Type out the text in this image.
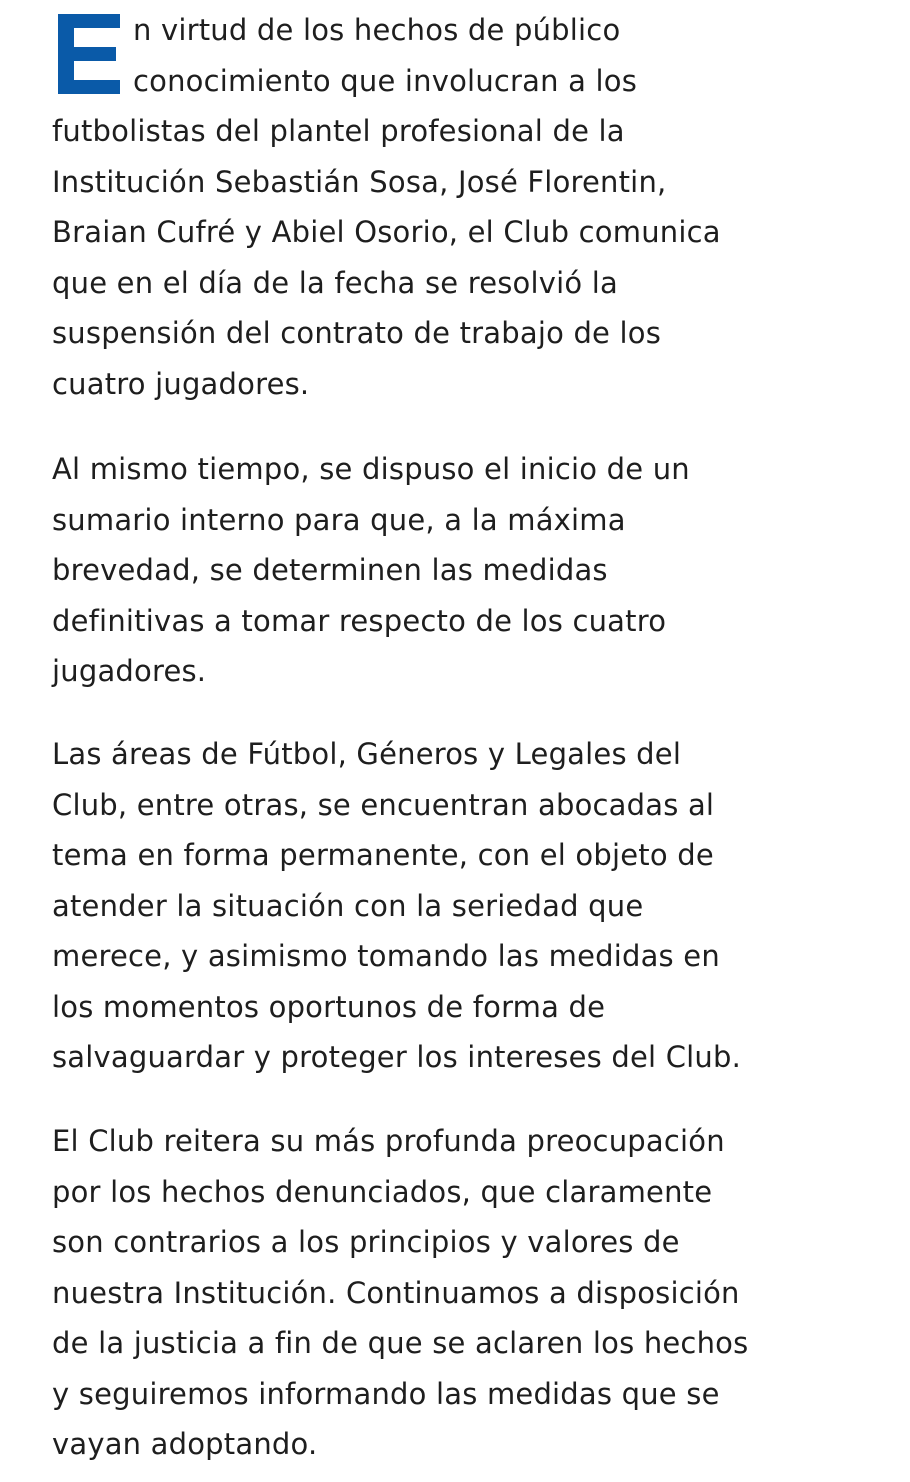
n virtud de los hechos de público
conocimiento que involucran a los
futbolistas del plantel profesional de la
Institución Sebastián Sosa, José Florentin,
Braian Cufré y Abiel Osorio, el Club comunica
que en el día de la fecha se resolvió la
suspensión del contrato de trabajo de los
cuatro jugadores.

Al mismo tiempo, se dispuso el inicio de un
sumario interno para que, a la máxima
brevedad, se determinen las medidas
definitivas a tomar respecto de los cuatro
jugadores.

Las áreas de Fútbol, Géneros y Legales del
Club, entre otras, se encuentran abocadas al
tema en forma permanente, con el objeto de
atender la situación con la seriedad que
merece, y asimismo tomando las medidas en
los momentos oportunos de forma de
salvaguardar y proteger los intereses del Club.

El Club reitera su más profunda preocupación
por los hechos denunciados, que claramente
son contrarios a los principios y valores de
nuestra Institución. Continuamos a disposición
de la justicia a fin de que se aclaren los hechos
y seguiremos informando las medidas que se
vayan adoptando.
